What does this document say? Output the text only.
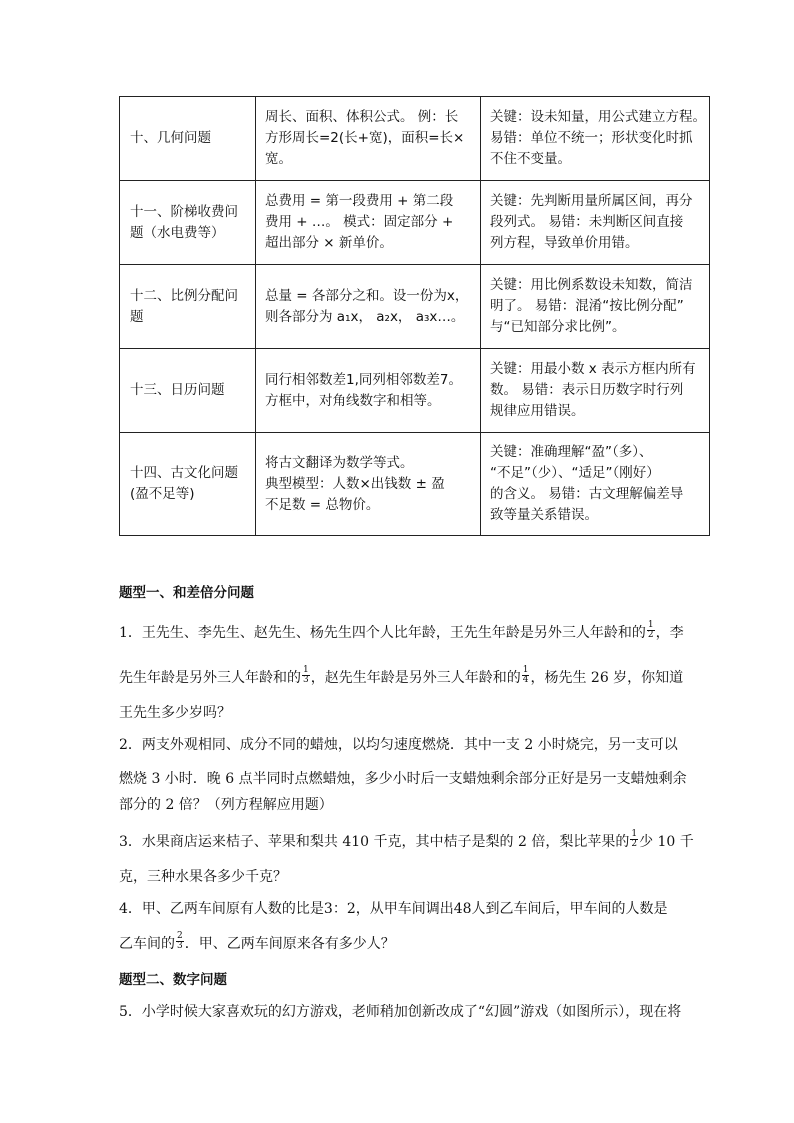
十、几何问题	周长、面积、体积公式。 例：长
方形周长=2(长+宽)，面积=长×
宽。	关键：设未知量，用公式建立方程。
易错：单位不统一；形状变化时抓
不住不变量。

十一、阶梯收费问
题（水电费等）	总费用 = 第一段费用 + 第二段
费用 + …。 模式：固定部分 +
超出部分 × 新单价。	关键：先判断用量所属区间，再分
段列式。 易错：未判断区间直接
列方程，导致单价用错。

十二、比例分配问
题	总量 = 各部分之和。设一份为x，
则各部分为 a₁x， a₂x， a₃x…。	关键：用比例系数设未知数，简洁
明了。 易错：混淆“按比例分配”
与“已知部分求比例”。

十三、日历问题	同行相邻数差1,同列相邻数差7。
方框中，对角线数字和相等。	关键：用最小数 x 表示方框内所有
数。 易错：表示日历数字时行列
规律应用错误。

十四、古文化问题
(盈不足等)	将古文翻译为数学等式。
典型模型：人数×出钱数 ± 盈
不足数 = 总物价。	关键：准确理解“盈”（多）、
“不足”（少）、“适足”（刚好）
的含义。 易错：古文理解偏差导
致等量关系错误。
题型一、和差倍分问题
1．王先生、李先生、赵先生、杨先生四个人比年龄，王先生年龄是另外三人年龄和的 $\frac{1}{2}$ ，李
先生年龄是另外三人年龄和的 $\frac{1}{3}$ ，赵先生年龄是另外三人年龄和的 $\frac{1}{4}$ ，杨先生 26 岁，你知道
王先生多少岁吗？
2．两支外观相同、成分不同的蜡烛，以均匀速度燃烧．其中一支 2 小时烧完，另一支可以
燃烧 3 小时．晚 6 点半同时点燃蜡烛，多少小时后一支蜡烛剩余部分正好是另一支蜡烛剩余
部分的 2 倍？（列方程解应用题）
3．水果商店运来桔子、苹果和梨共 410 千克，其中桔子是梨的 2 倍，梨比苹果的 $\frac{1}{2}$ 少 10 千
克，三种水果各多少千克？
4．甲、乙两车间原有人数的比是3：2，从甲车间调出48人到乙车间后，甲车间的人数是
乙车间的 $\frac{2}{3}$ ．甲、乙两车间原来各有多少人？
题型二、数字问题
5．小学时候大家喜欢玩的幻方游戏，老师稍加创新改成了“幻圆”游戏（如图所示），现在将
